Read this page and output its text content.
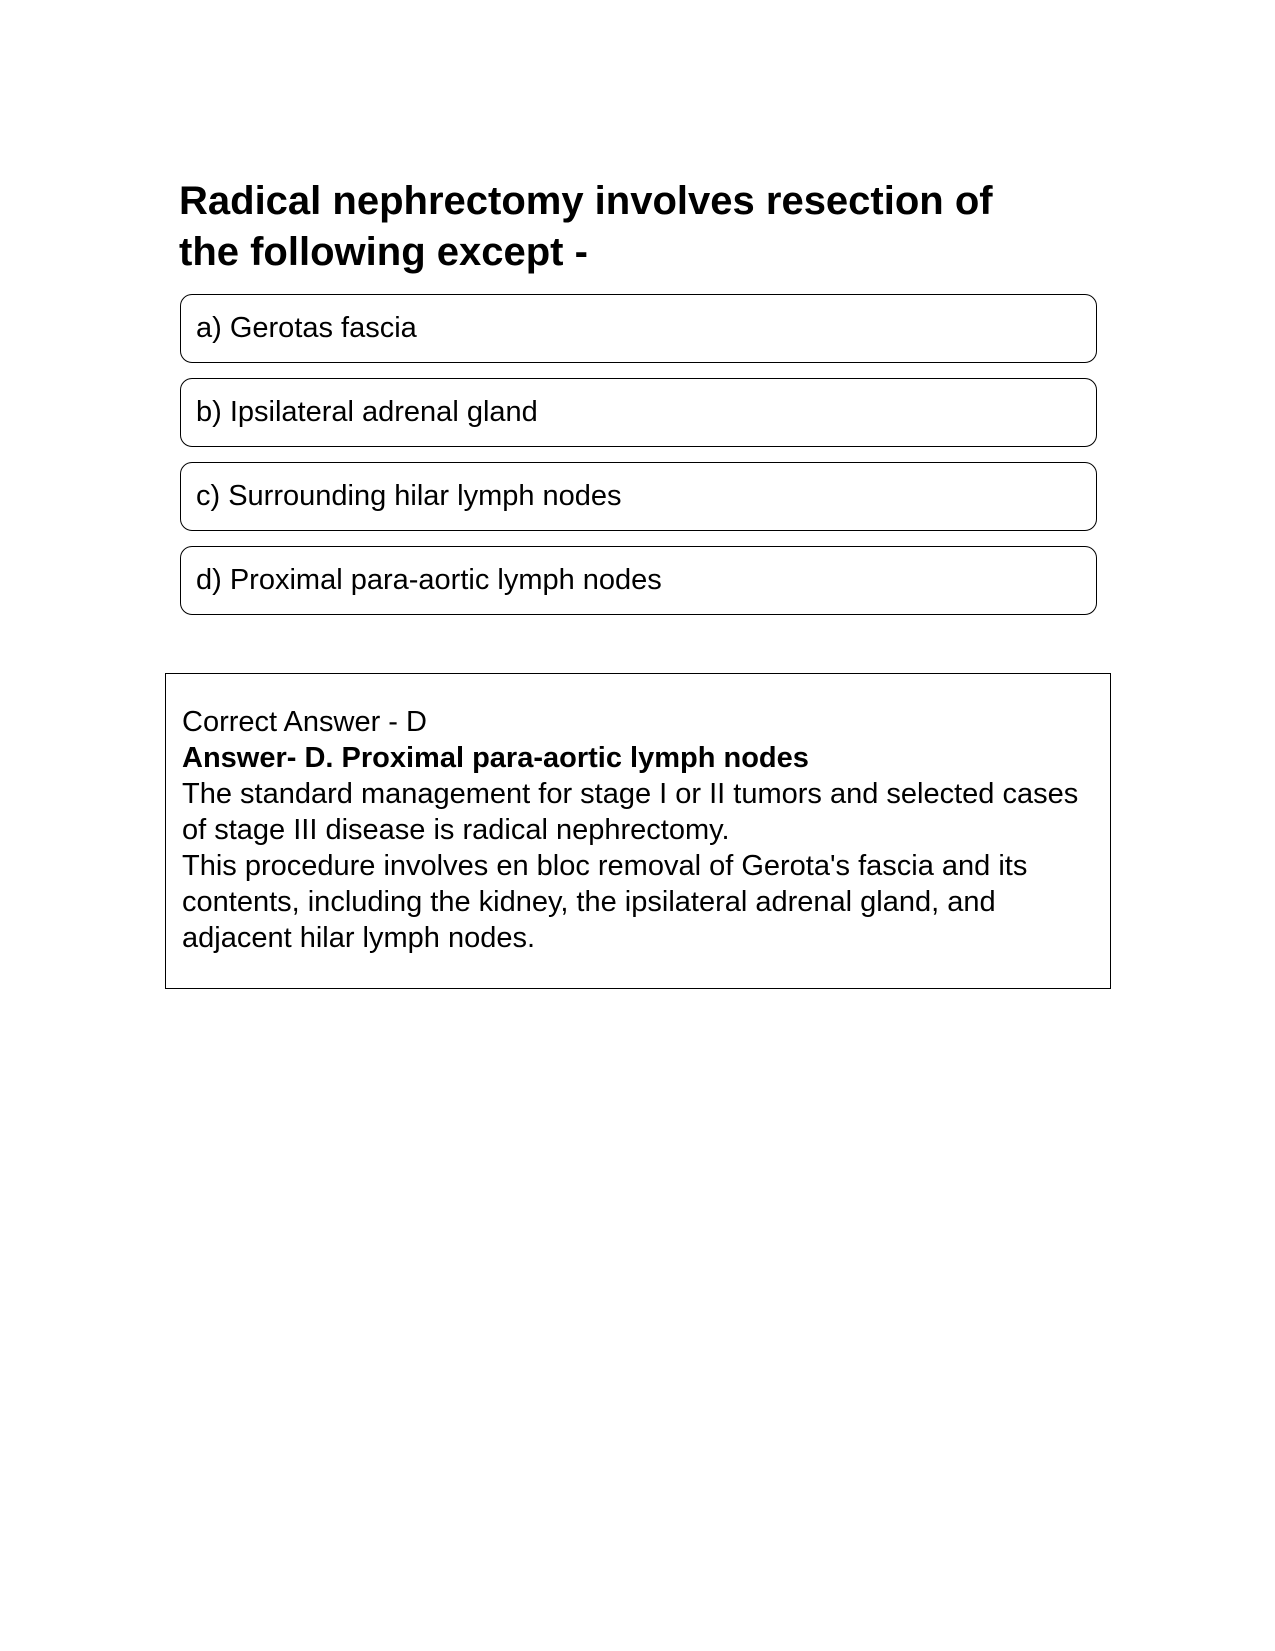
Radical nephrectomy involves resection of the following except -
a) Gerotas fascia
b) Ipsilateral adrenal gland
c) Surrounding hilar lymph nodes
d) Proximal para-aortic lymph nodes
Correct Answer - D
Answer- D. Proximal para-aortic lymph nodes
The standard management for stage I or II tumors and selected cases of stage III disease is radical nephrectomy.
This procedure involves en bloc removal of Gerota's fascia and its contents, including the kidney, the ipsilateral adrenal gland, and adjacent hilar lymph nodes.
